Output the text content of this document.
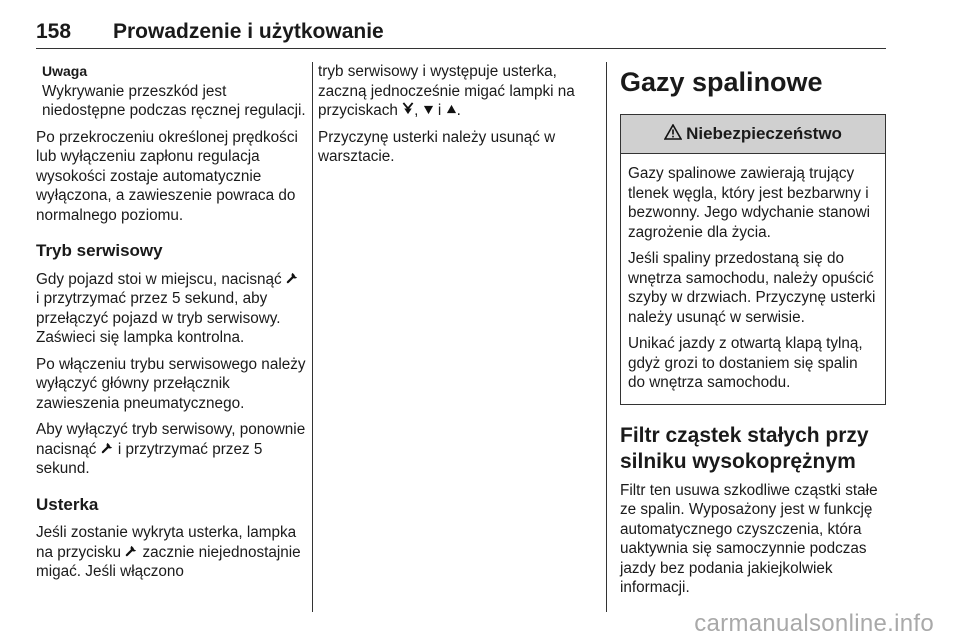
158 Prowadzenie i użytkowanie
Uwaga
Wykrywanie przeszkód jest niedostępne podczas ręcznej regulacji.

Po przekroczeniu określonej prędkości lub wyłączeniu zapłonu regulacja wysokości zostaje automatycznie wyłączona, a zawieszenie powraca do normalnego poziomu.

Tryb serwisowy

Gdy pojazd stoi w miejscu, nacisnąć  i przytrzymać przez 5 sekund, aby przełączyć pojazd w tryb serwisowy. Zaświeci się lampka kontrolna.

Po włączeniu trybu serwisowego należy wyłączyć główny przełącznik zawieszenia pneumatycznego.

Aby wyłączyć tryb serwisowy, ponownie nacisnąć i przytrzymać przez 5 sekund.

Usterka

Jeśli zostanie wykryta usterka, lampka na przycisku zacznie niejednostajnie migać. Jeśli włączono

tryb serwisowy i występuje usterka, zaczną jednocześnie migać lampki na przyciskach , i .

Przyczynę usterki należy usunąć w warsztacie.

Gazy spalinowe
Niebezpieczeństwo

Gazy spalinowe zawierają trujący tlenek węgla, który jest bezbarwny i bezwonny. Jego wdychanie stanowi zagrożenie dla życia.

Jeśli spaliny przedostaną się do wnętrza samochodu, należy opuścić szyby w drzwiach. Przyczynę usterki należy usunąć w serwisie.

Unikać jazdy z otwartą klapą tylną, gdyż grozi to dostaniem się spalin do wnętrza samochodu.

Filtr cząstek stałych przy silniku wysokoprężnym

Filtr ten usuwa szkodliwe cząstki stałe ze spalin. Wyposażony jest w funkcję automatycznego czyszczenia, która uaktywnia się samoczynnie podczas jazdy bez podania jakiejkolwiek informacji.

carmanualsonline.info
